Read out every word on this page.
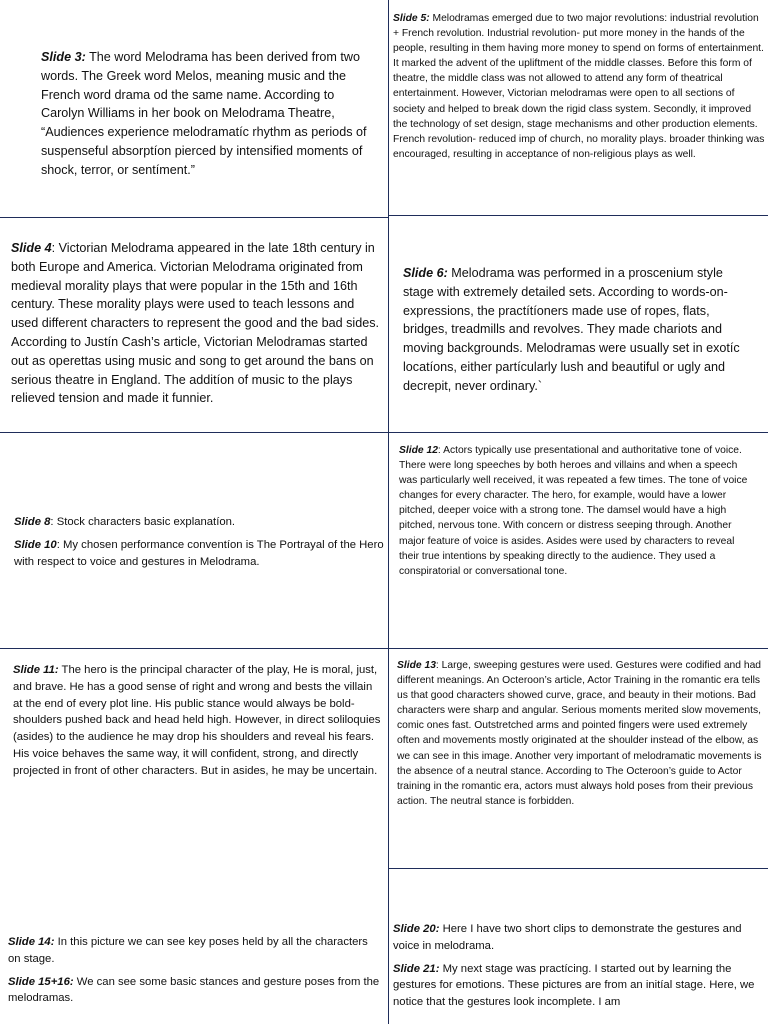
Slide 3: The word Melodrama has been derived from two words. The Greek word Melos, meaning music and the French word drama od the same name. According to Carolyn Williams in her book on Melodrama Theatre, “Audiences experience melodramatíc rhythm as periods of suspenseful absorptíon pierced by intensified moments of shock, terror, or sentíment.”

Slide 5: Melodramas emerged due to two major revolutions: industrial revolution + French revolution. Industrial revolution- put more money in the hands of the people, resulting in them having more money to spend on forms of entertainment. It marked the advent of the upliftment of the middle classes. Before this form of theatre, the middle class was not allowed to attend any form of theatrical entertainment. However, Victorian melodramas were open to all sections of society and helped to break down the rigid class system. Secondly, it improved the technology of set design, stage mechanisms and other production elements. French revolution- reduced imp of church, no morality plays. broader thinking was encouraged, resulting in acceptance of non-religious plays as well.

Slide 4: Victorian Melodrama appeared in the late 18th century in both Europe and America. Victorian Melodrama originated from medieval morality plays that were popular in the 15th and 16th century. These morality plays were used to teach lessons and used different characters to represent the good and the bad sides. According to Justín Cash’s article, Victorian Melodramas started out as operettas using music and song to get around the bans on serious theatre in England. The additíon of music to the plays relieved tension and made it funnier.

Slide 6: Melodrama was performed in a proscenium style stage with extremely detailed sets. According to words-on-expressions, the practítíoners made use of ropes, flats, bridges, treadmills and revolves. They made chariots and moving backgrounds. Melodramas were usually set in exotíc locatíons, either partícularly lush and beautiful or ugly and decrepit, never ordinary.`

Slide 8: Stock characters basic explanatíon.

Slide 10: My chosen performance conventíon is The Portrayal of the Hero with respect to voice and gestures in Melodrama.

Slide 12: Actors typically use presentational and authoritative tone of voice. There were long speeches by both heroes and villains and when a speech was particularly well received, it was repeated a few times. The tone of voice changes for every character. The hero, for example, would have a lower pitched, deeper voice with a strong tone. The damsel would have a high pitched, nervous tone. With concern or distress seeping through. Another major feature of voice is asides. Asides were used by characters to reveal their true intentions by speaking directly to the audience. They used a conspiratorial or conversational tone.

Slide 11: The hero is the principal character of the play, He is moral, just, and brave. He has a good sense of right and wrong and bests the villain at the end of every plot line. His public stance would always be bold- shoulders pushed back and head held high. However, in direct soliloquies (asides) to the audience he may drop his shoulders and reveal his fears. His voice behaves the same way, it will confident, strong, and directly projected in front of other characters. But in asides, he may be uncertain.

Slide 13: Large, sweeping gestures were used. Gestures were codified and had different meanings. An Octeroon’s article, Actor Training in the romantic era tells us that good characters showed curve, grace, and beauty in their motions. Bad characters were sharp and angular. Serious moments merited slow movements, comic ones fast. Outstretched arms and pointed fingers were used extremely often and movements mostly originated at the shoulder instead of the elbow, as we can see in this image. Another very important of melodramatic movements is the absence of a neutral stance. According to The Octeroon’s guide to Actor training in the romantic era, actors must always hold poses from their previous action. The neutral stance is forbidden.

Slide 14: In this picture we can see key poses held by all the characters on stage.

Slide 15+16: We can see some basic stances and gesture poses from the melodramas.

Slide 20: Here I have two short clips to demonstrate the gestures and voice in melodrama.

Slide 21: My next stage was practícing. I started out by learning the gestures for emotions. These pictures are from an initíal stage. Here, we notice that the gestures look incomplete. I am
